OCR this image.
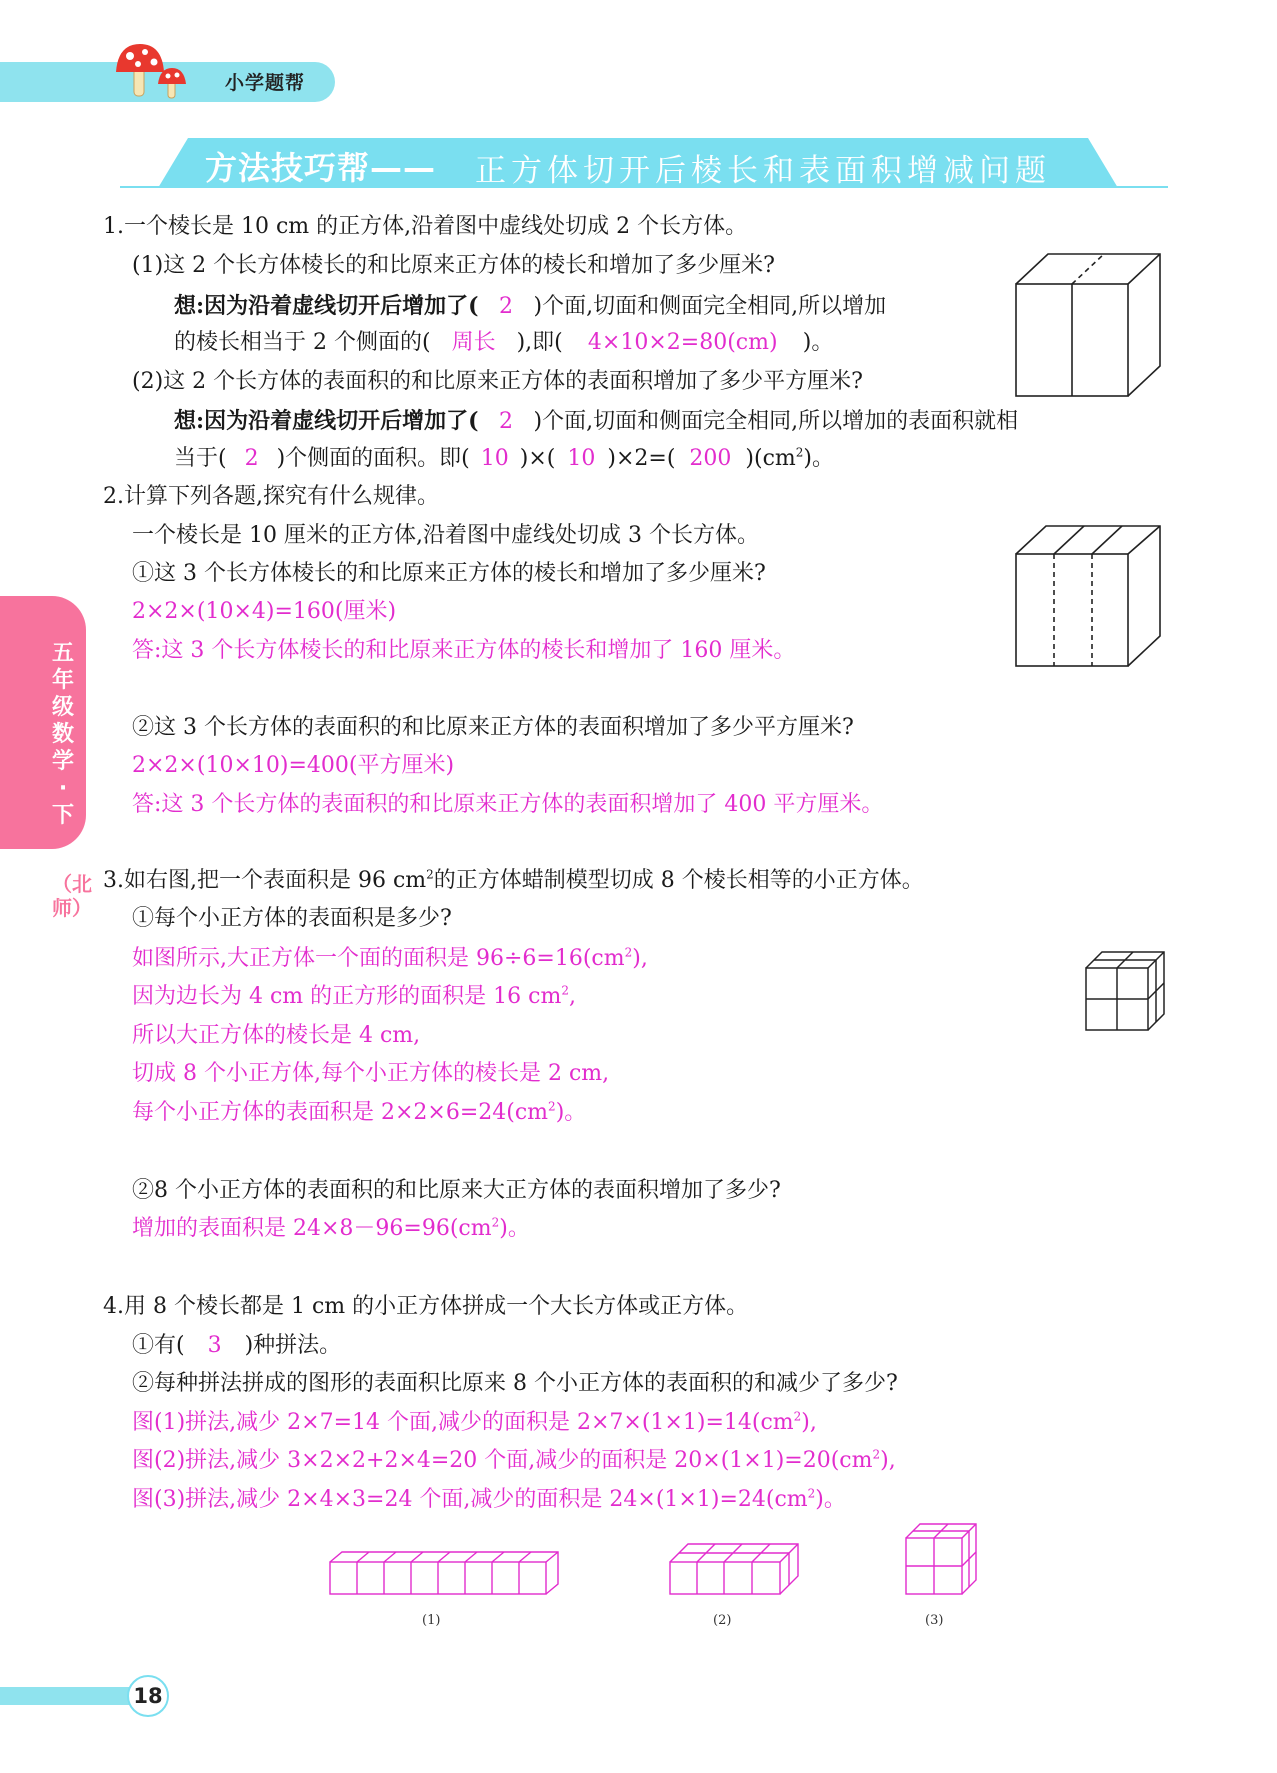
小学题帮
方法技巧帮—— 正方体切开后棱长和表面积增减问题
五年级数学·下
（北师）
1.一个棱长是 10 cm 的正方体,沿着图中虚线处切成 2 个长方体。
(1)这 2 个长方体棱长的和比原来正方体的棱长和增加了多少厘米?
想:因为沿着虚线切开后增加了( 2 )个面,切面和侧面完全相同,所以增加
的棱长相当于 2 个侧面的( 周长 ),即( 4×10×2=80(cm) )。
(2)这 2 个长方体的表面积的和比原来正方体的表面积增加了多少平方厘米?
想:因为沿着虚线切开后增加了( 2 )个面,切面和侧面完全相同,所以增加的表面积就相
当于( 2 )个侧面的面积。即( 10 )×( 10 )×2=( 200 )$(cm^2)$。
2.计算下列各题,探究有什么规律。
一个棱长是 10 厘米的正方体,沿着图中虚线处切成 3 个长方体。
①这 3 个长方体棱长的和比原来正方体的棱长和增加了多少厘米?
2×2×(10×4)=160(厘米)
答:这 3 个长方体棱长的和比原来正方体的棱长和增加了 160 厘米。
②这 3 个长方体的表面积的和比原来正方体的表面积增加了多少平方厘米?
2×2×(10×10)=400(平方厘米)
答:这 3 个长方体的表面积的和比原来正方体的表面积增加了 400 平方厘米。
3.如右图,把一个表面积是 96 $cm^2$的正方体蜡制模型切成 8 个棱长相等的小正方体。
①每个小正方体的表面积是多少?
如图所示,大正方体一个面的面积是 $96\div 6=16(cm^2)$,
因为边长为 4 cm 的正方形的面积是 16 $cm^2$,
所以大正方体的棱长是 4 cm,
切成 8 个小正方体,每个小正方体的棱长是 2 cm,
每个小正方体的表面积是 $2\times 2\times 6=24(cm^2)$。
②8 个小正方体的表面积的和比原来大正方体的表面积增加了多少?
增加的表面积是 $24\times 8-96=96(cm^2)$。
4.用 8 个棱长都是 1 cm 的小正方体拼成一个大长方体或正方体。
①有( 3 )种拼法。
②每种拼法拼成的图形的表面积比原来 8 个小正方体的表面积的和减少了多少?
图(1)拼法,减少 2×7=14 个面,减少的面积是 $2\times 7\times(1\times 1)=14(cm^2)$,
图(2)拼法,减少 3×2×2+2×4=20 个面,减少的面积是 $20\times(1\times 1)=20(cm^2)$,
图(3)拼法,减少 2×4×3=24 个面,减少的面积是 $24\times(1\times 1)=24(cm^2)$。
(1)	(2)	(3)
18
